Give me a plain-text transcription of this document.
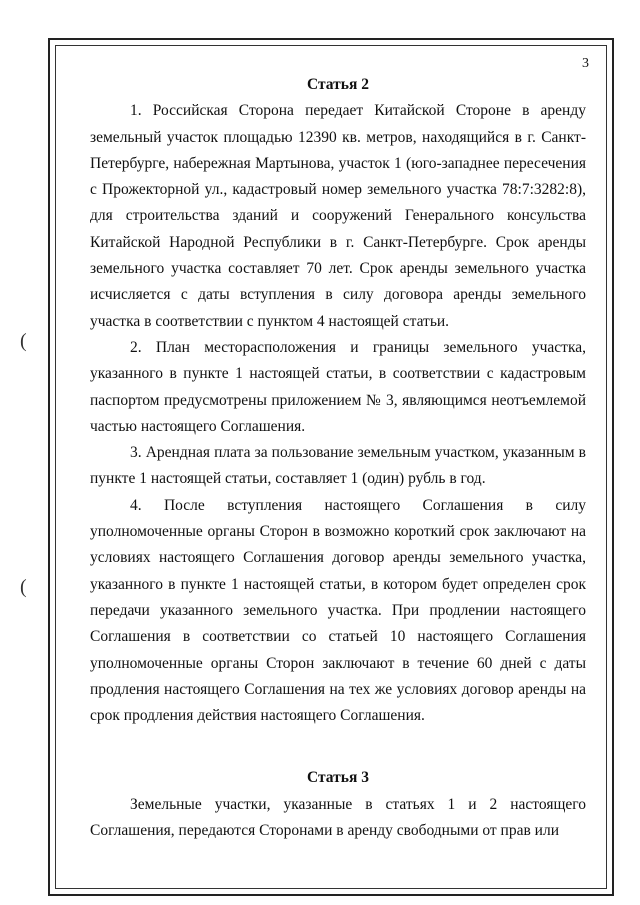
3
(
(

Статья 2

1. Российская Сторона передает Китайской Стороне в аренду земельный участок площадью 12390 кв. метров, находящийся в г. Санкт-Петербурге, набережная Мартынова, участок 1 (юго-западнее пересечения с Прожекторной ул., кадастровый номер земельного участка 78:7:3282:8), для строительства зданий и сооружений Генерального консульства Китайской Народной Республики в г. Санкт-Петербурге. Срок аренды земельного участка составляет 70 лет. Срок аренды земельного участка исчисляется с даты вступления в силу договора аренды земельного участка в соответствии с пунктом 4 настоящей статьи.

2. План месторасположения и границы земельного участка, указанного в пункте 1 настоящей статьи, в соответствии с кадастровым паспортом предусмотрены приложением № 3, являющимся неотъемлемой частью настоящего Соглашения.

3. Арендная плата за пользование земельным участком, указанным в пункте 1 настоящей статьи, составляет 1 (один) рубль в год.

4. После вступления настоящего Соглашения в силу уполномоченные органы Сторон в возможно короткий срок заключают на условиях настоящего Соглашения договор аренды земельного участка, указанного в пункте 1 настоящей статьи, в котором будет определен срок передачи указанного земельного участка. При продлении настоящего Соглашения в соответствии со статьей 10 настоящего Соглашения уполномоченные органы Сторон заключают в течение 60 дней с даты продления настоящего Соглашения на тех же условиях договор аренды на срок продления действия настоящего Соглашения.

Статья 3

Земельные участки, указанные в статьях 1 и 2 настоящего Соглашения, передаются Сторонами в аренду свободными от прав или
